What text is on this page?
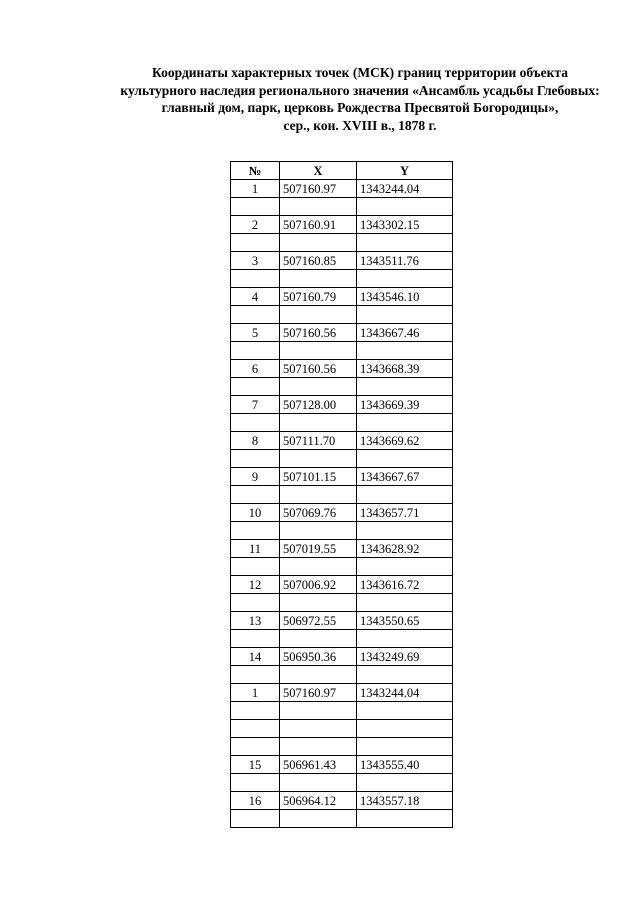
Координаты характерных точек (МСК) границ территории объекта
культурного наследия регионального значения «Ансамбль усадьбы Глебовых:
главный дом, парк, церковь Рождества Пресвятой Богородицы»,
сер., кон. XVIII в., 1878 г.
№	X	Y
1	507160.97	1343244.04

2	507160.91	1343302.15

3	507160.85	1343511.76

4	507160.79	1343546.10

5	507160.56	1343667.46

6	507160.56	1343668.39

7	507128.00	1343669.39

8	507111.70	1343669.62

9	507101.15	1343667.67

10	507069.76	1343657.71

11	507019.55	1343628.92

12	507006.92	1343616.72

13	506972.55	1343550.65

14	506950.36	1343249.69

1	507160.97	1343244.04

15	506961.43	1343555.40

16	506964.12	1343557.18
